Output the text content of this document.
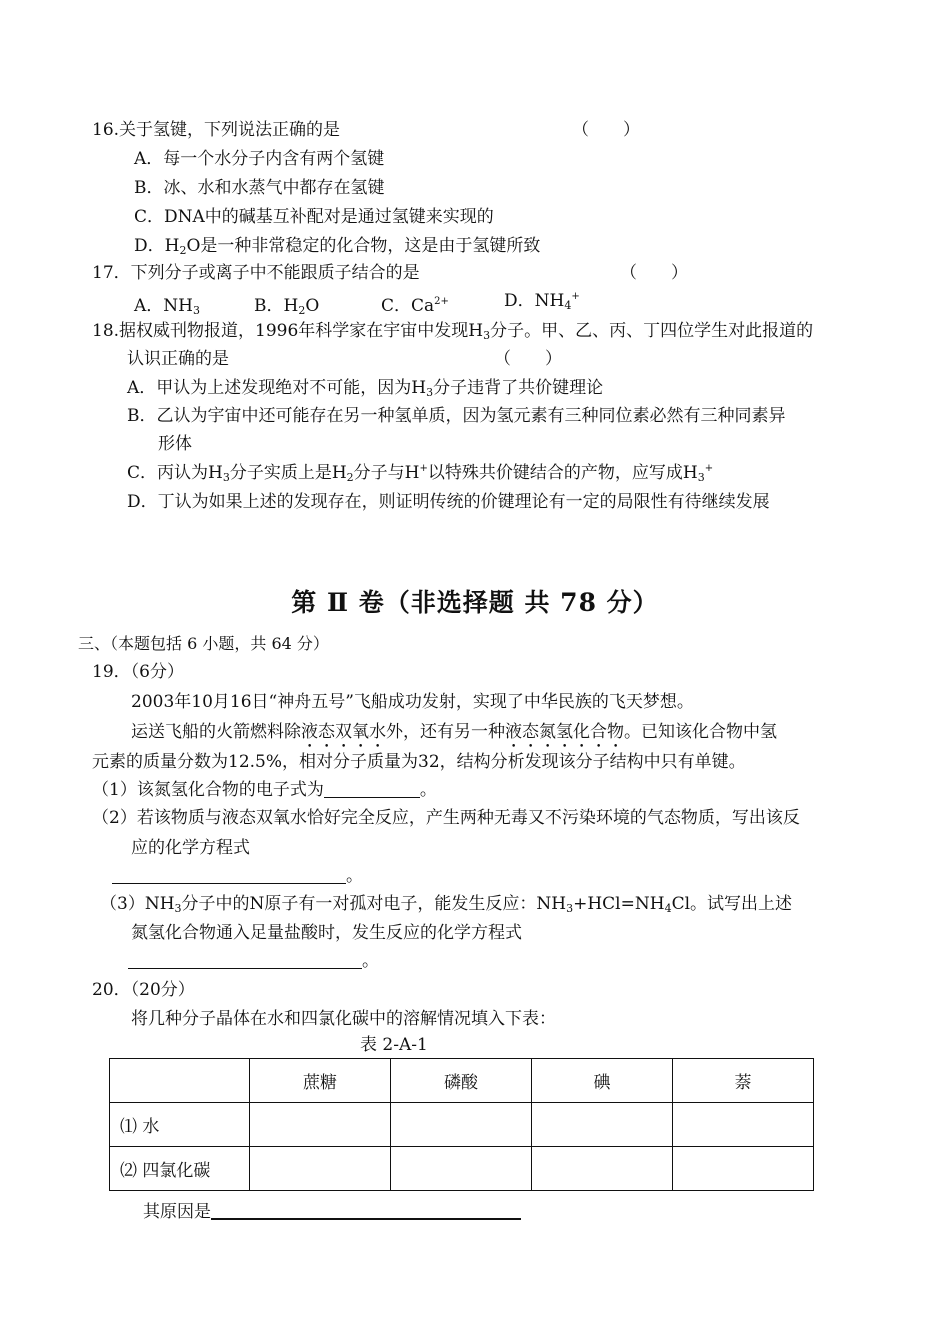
16.关于氢键，下列说法正确的是	（　　）
A．每一个水分子内含有两个氢键
B．冰、水和水蒸气中都存在氢键
C．DNA中的碱基互补配对是通过氢键来实现的
D．$H_2O$是一种非常稳定的化合物，这是由于氢键所致
17．下列分子或离子中不能跟质子结合的是	（　　）
A．$NH_3$	B．$H_2O$	C．$Ca^{2+}$	D．$NH_4^+$
18.据权威刊物报道，1996年科学家在宇宙中发现$H_3$分子。甲、乙、丙、丁四位学生对此报道的
认识正确的是	（　　）
A．甲认为上述发现绝对不可能，因为$H_3$分子违背了共价键理论
B．乙认为宇宙中还可能存在另一种氢单质，因为氢元素有三种同位素必然有三种同素异
形体
C．丙认为$H_3$分子实质上是$H_2$分子与H+以特殊共价键结合的产物，应写成$H_3^+$
D．丁认为如果上述的发现存在，则证明传统的价键理论有一定的局限性有待继续发展
第 Ⅱ 卷（非选择题 共 78 分）
三、（本题包括 6 小题，共 64 分）
19．（6分）
2003年10月16日“神舟五号”飞船成功发射，实现了中华民族的飞天梦想。
运送飞船的火箭燃料除液态双氧水外，还有另一种液态氮氢化合物。已知该化合物中氢
元素的质量分数为12.5%，相对分子质量为32，结构分析发现该分子结构中只有单键。
（1）该氮氢化合物的电子式为	。
（2）若该物质与液态双氧水恰好完全反应，产生两种无毒又不污染环境的气态物质，写出该反
应的化学方程式
。
$(3)NH_3$分子中的N原子有一对孤对电子，能发生反应：$NH_3+HCl=NH_4Cl$。试写出上述
氮氢化合物通入足量盐酸时，发生反应的化学方程式
。
20．（20分）
将几种分子晶体在水和四氯化碳中的溶解情况填入下表：
表 2-A-1
	蔗糖	磷酸	碘	萘
⑴ 水				
⑵ 四氯化碳				
其原因是
